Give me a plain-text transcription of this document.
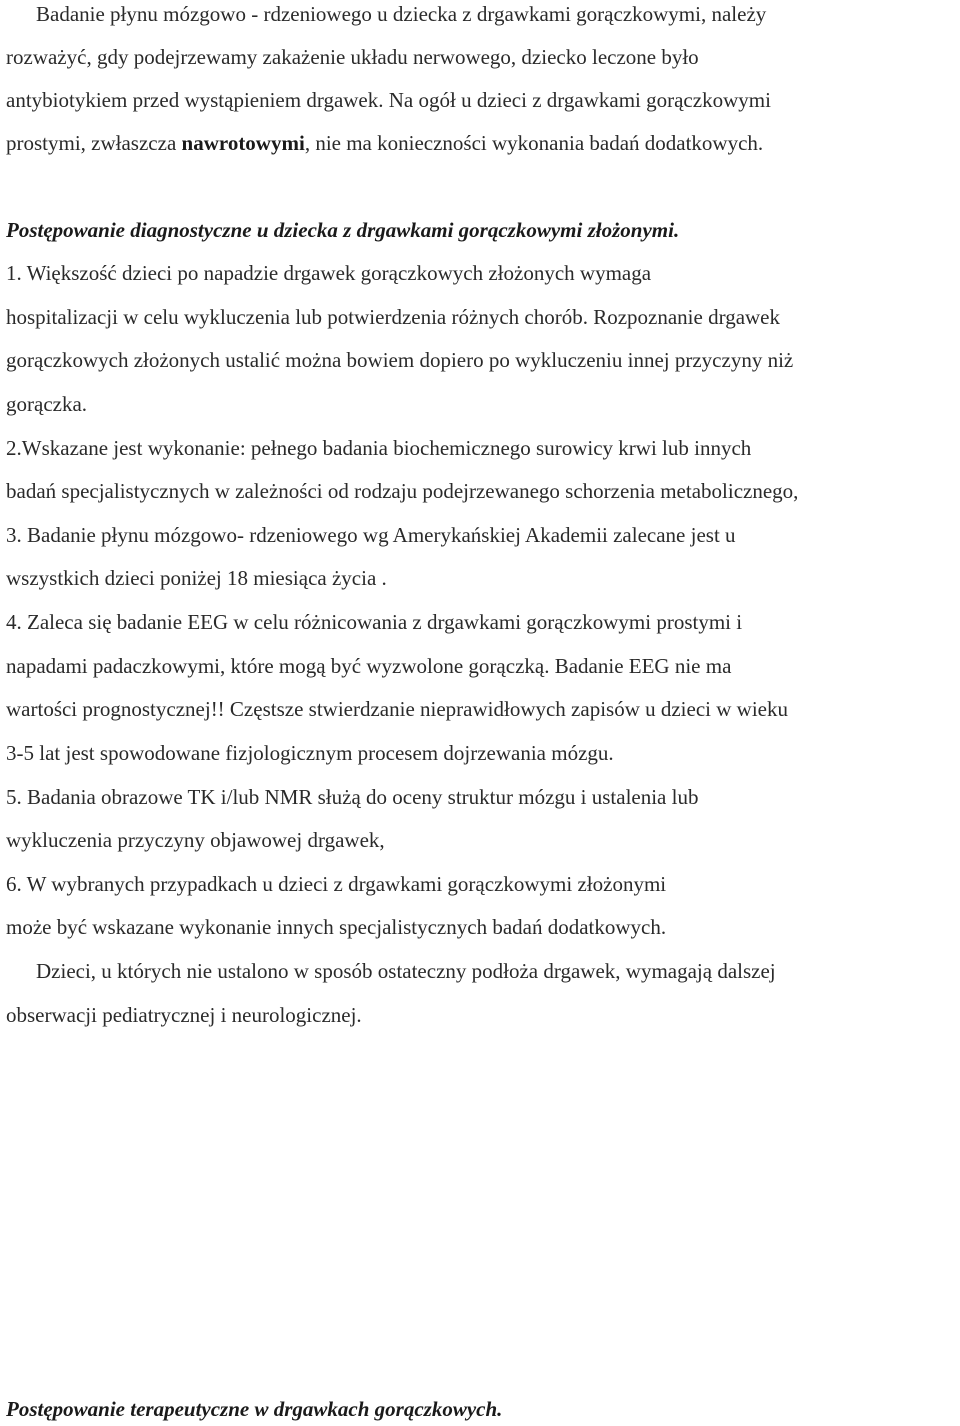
Badanie płynu mózgowo - rdzeniowego u dziecka z drgawkami gorączkowymi, należy
rozważyć, gdy podejrzewamy zakażenie układu nerwowego, dziecko leczone było
antybiotykiem przed wystąpieniem drgawek. Na ogół u dzieci z drgawkami gorączkowymi
prostymi, zwłaszcza nawrotowymi, nie ma konieczności wykonania badań dodatkowych.
Postępowanie diagnostyczne u dziecka z drgawkami gorączkowymi złożonymi.
1. Większość dzieci po napadzie drgawek gorączkowych złożonych wymaga
hospitalizacji w celu wykluczenia lub potwierdzenia różnych chorób. Rozpoznanie drgawek
gorączkowych złożonych ustalić można bowiem dopiero po wykluczeniu innej przyczyny niż
gorączka.
2.Wskazane jest wykonanie: pełnego badania biochemicznego surowicy krwi lub innych
badań specjalistycznych w zależności od rodzaju podejrzewanego schorzenia metabolicznego,
3. Badanie płynu mózgowo- rdzeniowego wg Amerykańskiej Akademii zalecane jest u
wszystkich dzieci poniżej 18 miesiąca życia .
4. Zaleca się badanie EEG w celu różnicowania z drgawkami gorączkowymi prostymi i
napadami padaczkowymi, które mogą być wyzwolone gorączką. Badanie EEG nie ma
wartości prognostycznej!! Częstsze stwierdzanie nieprawidłowych zapisów u dzieci w wieku
3-5 lat jest spowodowane fizjologicznym procesem dojrzewania mózgu.
5. Badania obrazowe TK i/lub NMR służą do oceny struktur mózgu i ustalenia lub
wykluczenia przyczyny objawowej drgawek,
6. W wybranych przypadkach u dzieci z drgawkami gorączkowymi złożonymi
może być wskazane wykonanie innych specjalistycznych badań dodatkowych.
Dzieci, u których nie ustalono w sposób ostateczny podłoża drgawek, wymagają dalszej
obserwacji pediatrycznej i neurologicznej.
Postępowanie terapeutyczne w drgawkach gorączkowych.
